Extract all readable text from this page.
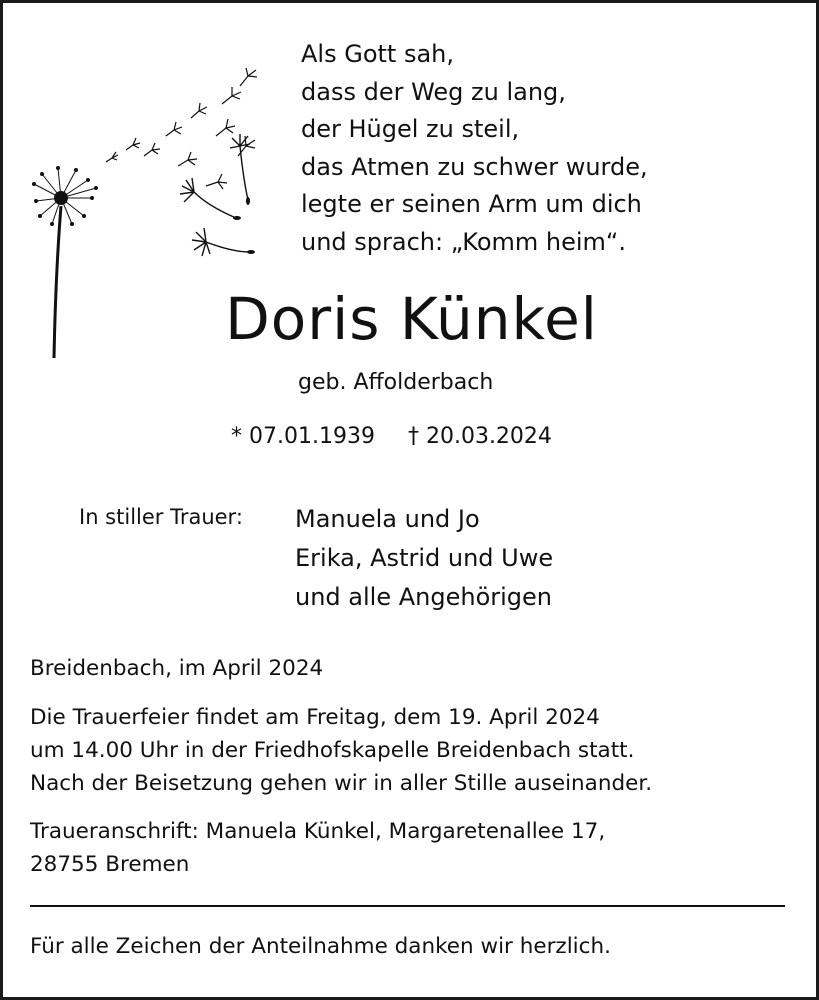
Als Gott sah,
dass der Weg zu lang,
der Hügel zu steil,
das Atmen zu schwer wurde,
legte er seinen Arm um dich
und sprach: „Komm heim“.
Doris Künkel
geb. Affolderbach
* 07.01.1939 † 20.03.2024
In stiller Trauer: Manuela und Jo
Erika, Astrid und Uwe
und alle Angehörigen
Breidenbach, im April 2024
Die Trauerfeier findet am Freitag, dem 19. April 2024
um 14.00 Uhr in der Friedhofskapelle Breidenbach statt.
Nach der Beisetzung gehen wir in aller Stille auseinander.
Traueranschrift: Manuela Künkel, Margaretenallee 17,
28755 Bremen
Für alle Zeichen der Anteilnahme danken wir herzlich.
